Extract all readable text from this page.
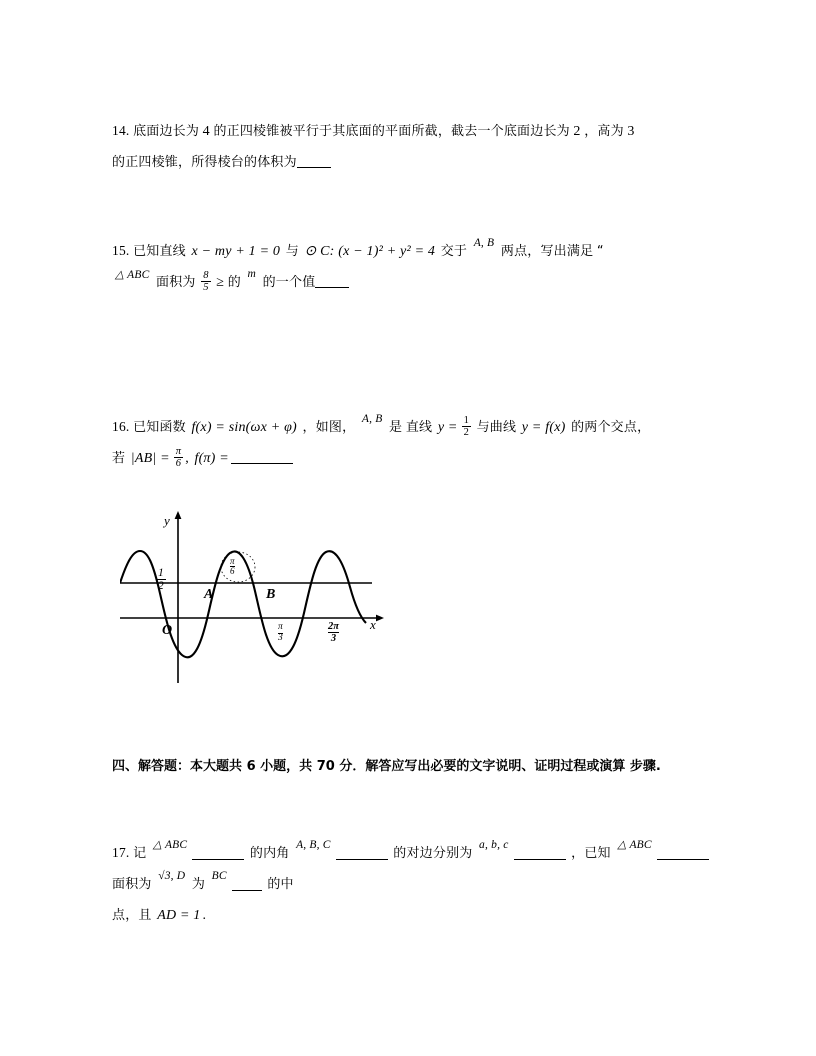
14. 底面边长为 4 的正四棱锥被平行于其底面的平面所截，截去一个底面边长为 2 ，高为 3
的正四棱锥，所得棱台的体积为
15. 已知直线 x − my + 1 = 0 与 ⊙ C: (x − 1)² + y² = 4 交于 A, B 两点，写出满足 “
△ ABC 面积为 $\frac{8}{5}$ ≥ 的 m 的一个值
16. 已知函数 f(x) = sin(ωx + φ) ，如图， A, B 是 直线 $y = \frac{1}{2}$ 与曲线 y = f(x) 的两个交点，
若 $|AB| = \frac{\pi}{6}$ , f(π) =
y
x
$\frac{1}{2}$
O
A	B
$\frac{\pi}{6}$
$\frac{\pi}{3}$	$\frac{2\pi}{3}$
四、解答题：本大题共 6 小题，共 70 分．解答应写出必要的文字说明、证明过程或演算 步骤.
17. 记 △ ABC 的内角 A, B, C 的对边分别为 a, b, c ，已知 △ ABC 面积为 √3, D 为 BC 的中
点，且 AD = 1 .
